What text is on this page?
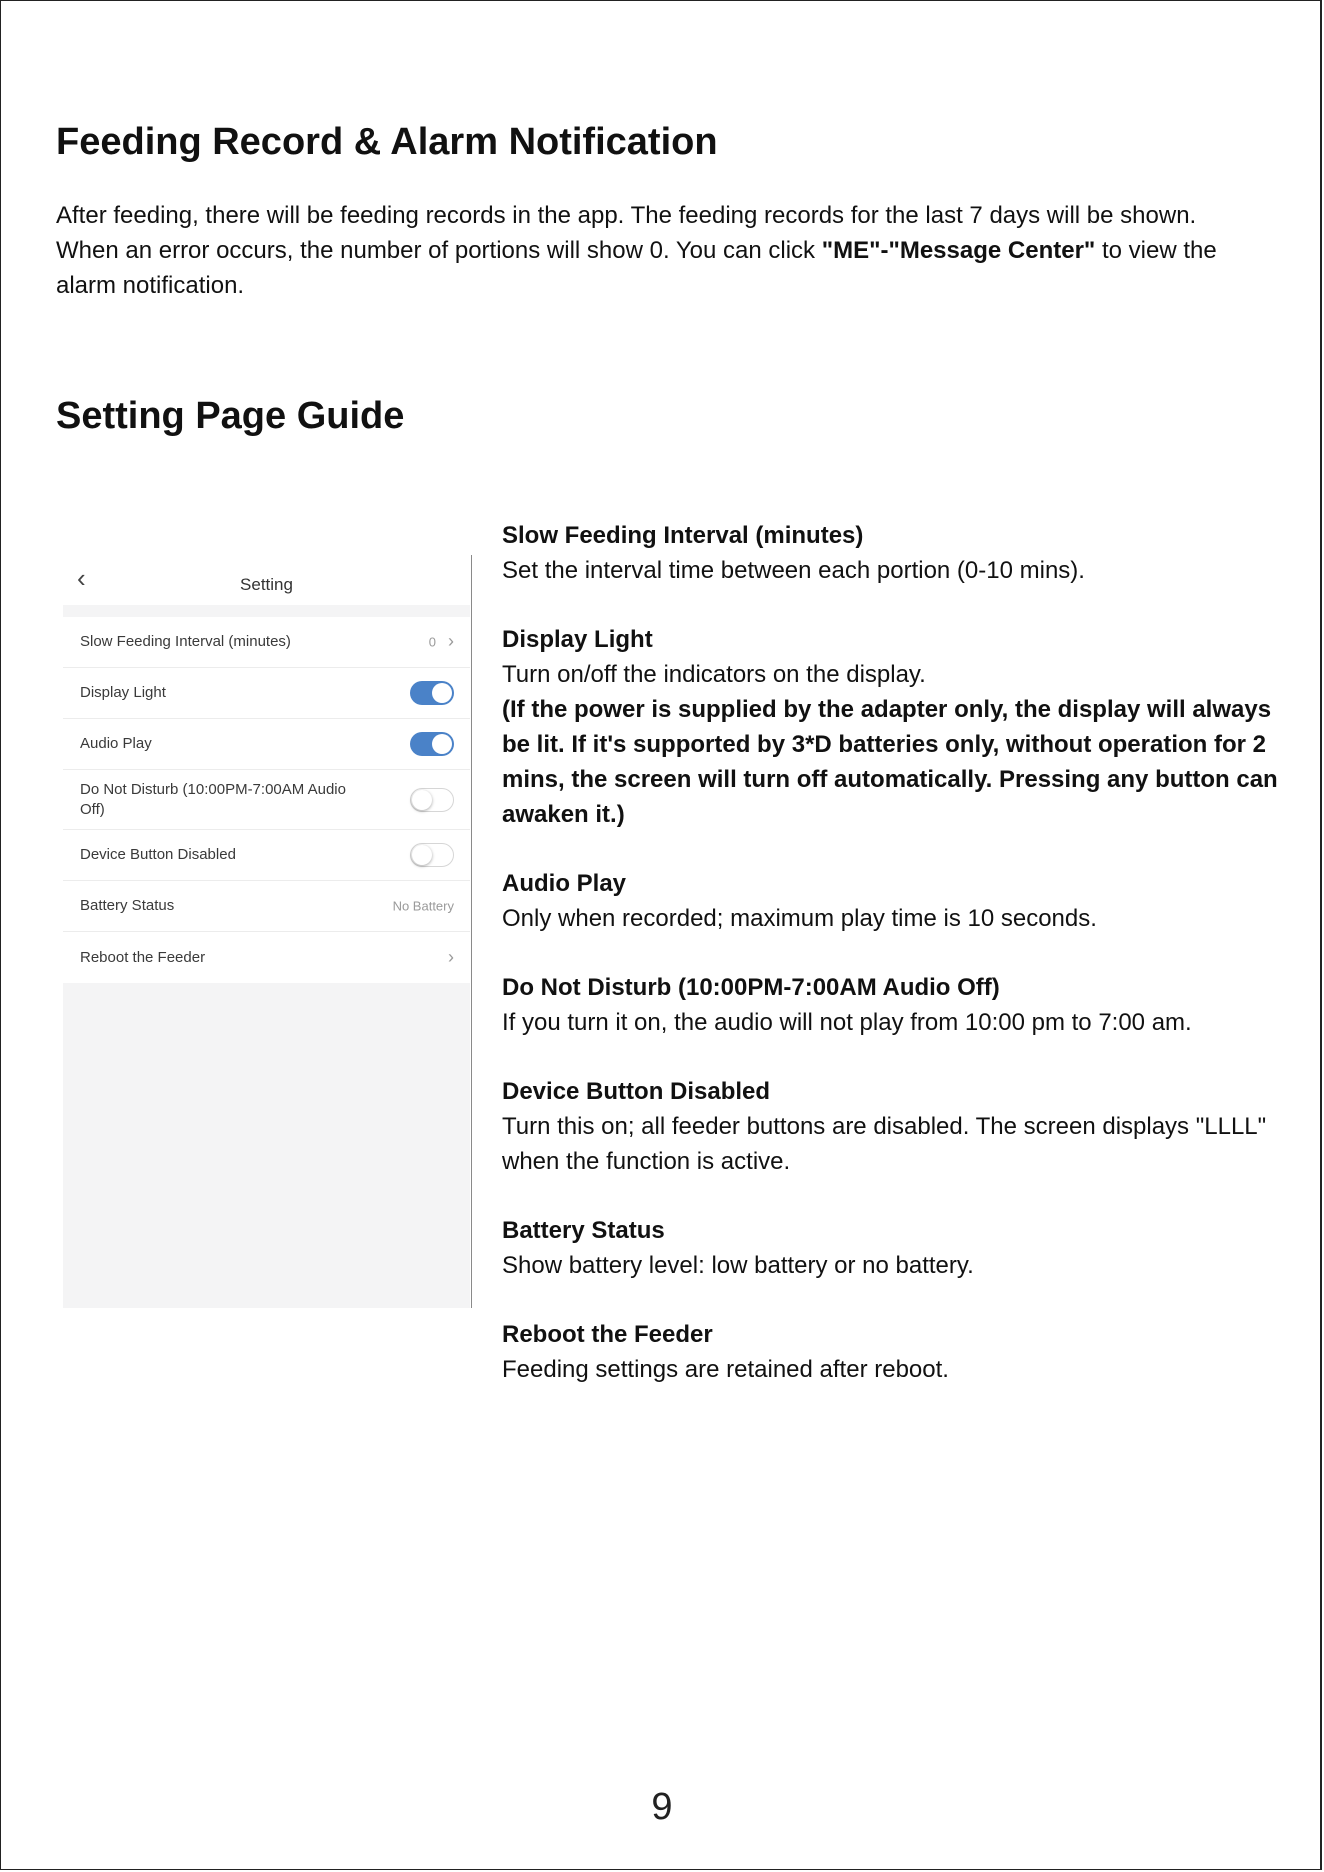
Feeding Record & Alarm Notification
After feeding, there will be feeding records in the app. The feeding records for the last 7 days will be shown. When an error occurs, the number of portions will show 0. You can click "ME"-"Message Center" to view the alarm notification.
Setting Page Guide
‹	Setting
Slow Feeding Interval (minutes)	0 ›
Display Light
Audio Play
Do Not Disturb (10:00PM-7:00AM Audio Off)
Device Button Disabled
Battery Status	No Battery
Reboot the Feeder	›
Slow Feeding Interval (minutes)
Set the interval time between each portion (0-10 mins).
Display Light
Turn on/off the indicators on the display.
(If the power is supplied by the adapter only, the display will always be lit. If it's supported by 3*D batteries only, without operation for 2 mins, the screen will turn off automatically. Pressing any button can awaken it.)
Audio Play
Only when recorded; maximum play time is 10 seconds.
Do Not Disturb (10:00PM-7:00AM Audio Off)
If you turn it on, the audio will not play from 10:00 pm to 7:00 am.
Device Button Disabled
Turn this on; all feeder buttons are disabled. The screen displays "LLLL" when the function is active.
Battery Status
Show battery level: low battery or no battery.
Reboot the Feeder
Feeding settings are retained after reboot.
9
